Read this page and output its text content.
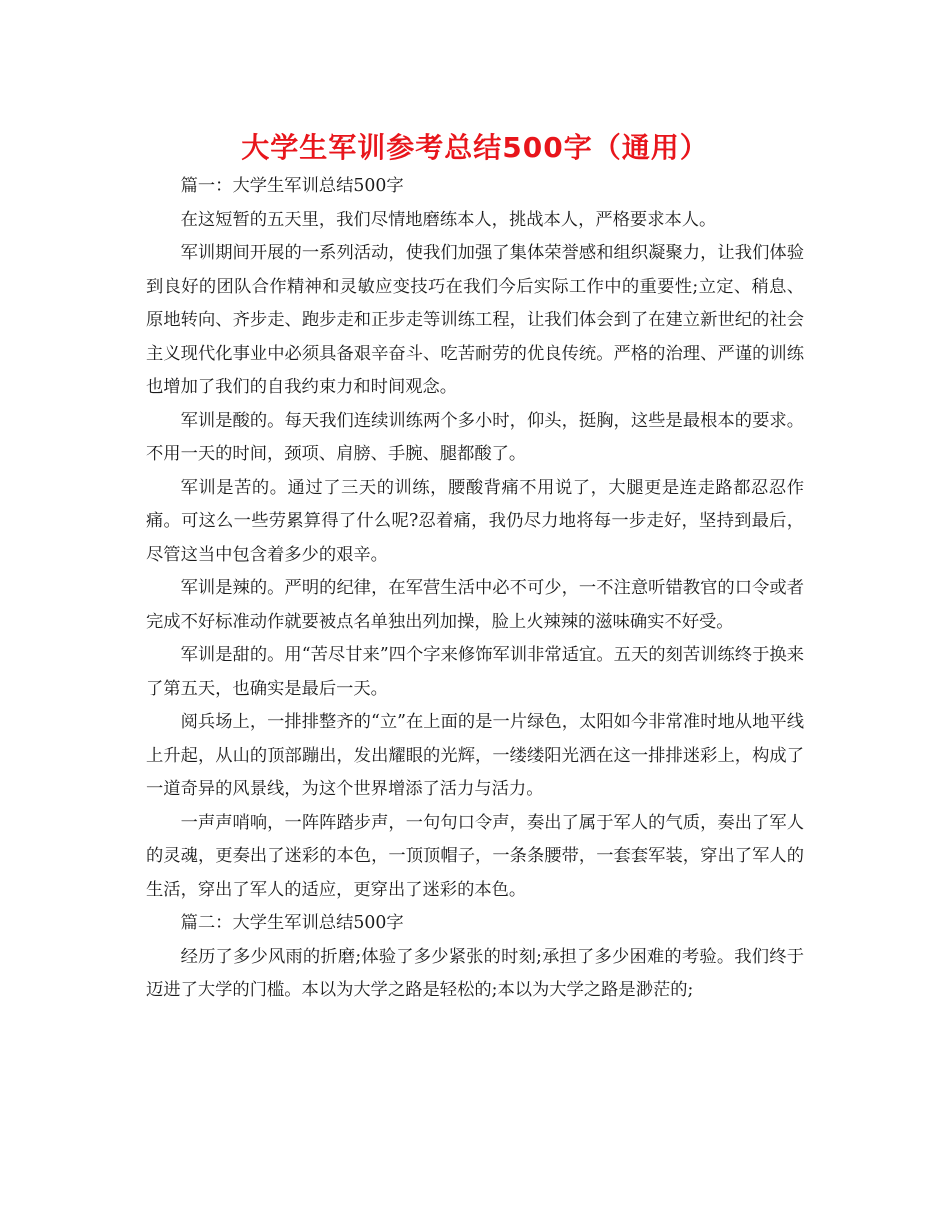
大学生军训参考总结500字（通用）

篇一：大学生军训总结500字

在这短暂的五天里，我们尽情地磨练本人，挑战本人，严格要求本人。

军训期间开展的一系列活动，使我们加强了集体荣誉感和组织凝聚力，让我们体验到良好的团队合作精神和灵敏应变技巧在我们今后实际工作中的重要性;立定、稍息、原地转向、齐步走、跑步走和正步走等训练工程，让我们体会到了在建立新世纪的社会主义现代化事业中必须具备艰辛奋斗、吃苦耐劳的优良传统。严格的治理、严谨的训练也增加了我们的自我约束力和时间观念。

军训是酸的。每天我们连续训练两个多小时，仰头，挺胸，这些是最根本的要求。不用一天的时间，颈项、肩膀、手腕、腿都酸了。

军训是苦的。通过了三天的训练，腰酸背痛不用说了，大腿更是连走路都忍忍作痛。可这么一些劳累算得了什么呢?忍着痛，我仍尽力地将每一步走好，坚持到最后，尽管这当中包含着多少的艰辛。

军训是辣的。严明的纪律，在军营生活中必不可少，一不注意听错教官的口令或者完成不好标准动作就要被点名单独出列加操，脸上火辣辣的滋味确实不好受。

军训是甜的。用“苦尽甘来”四个字来修饰军训非常适宜。五天的刻苦训练终于换来了第五天，也确实是最后一天。

阅兵场上，一排排整齐的“立”在上面的是一片绿色，太阳如今非常准时地从地平线上升起，从山的顶部蹦出，发出耀眼的光辉，一缕缕阳光洒在这一排排迷彩上，构成了一道奇异的风景线，为这个世界增添了活力与活力。

一声声哨响，一阵阵踏步声，一句句口令声，奏出了属于军人的气质，奏出了军人的灵魂，更奏出了迷彩的本色，一顶顶帽子，一条条腰带，一套套军装，穿出了军人的生活，穿出了军人的适应，更穿出了迷彩的本色。

篇二：大学生军训总结500字

经历了多少风雨的折磨;体验了多少紧张的时刻;承担了多少困难的考验。我们终于迈进了大学的门槛。本以为大学之路是轻松的;本以为大学之路是渺茫的;
